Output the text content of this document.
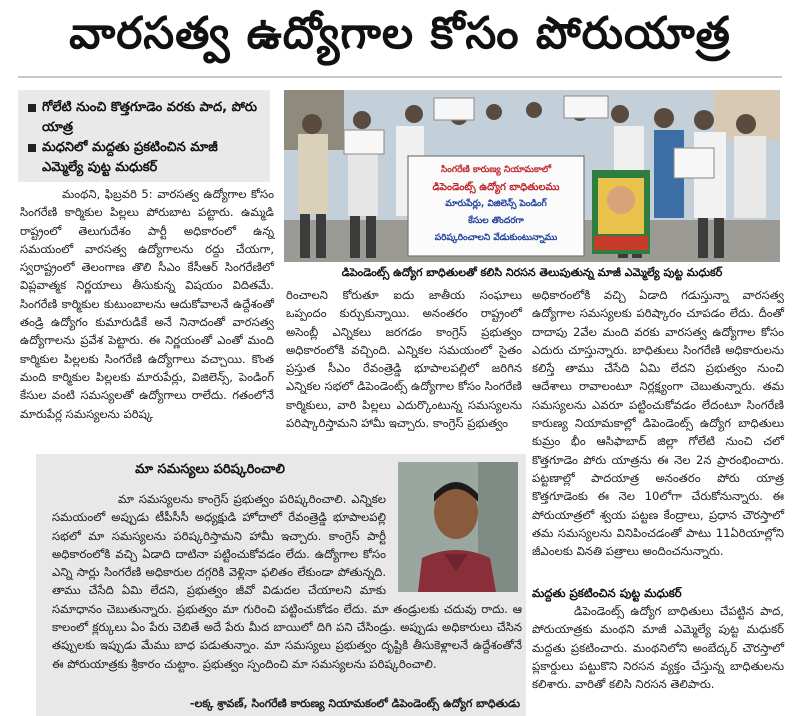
వారసత్వ ఉద్యోగాల కోసం పోరుయాత్ర
గోలేటి నుంచి కొత్తగూడెం వరకు పాద, పోరు యాత్ర
మధనిలో మద్దతు ప్రకటించిన మాజీ ఎమ్మెల్యే పుట్ట మధుకర్	సింగరేణి కారుణ్య నియామకాలో
డిపెండెంట్స్ ఉద్యోగ బాధితులము
మారుపేర్లు, విజిలెన్స్ పెండింగ్
కేసుల తొందరగా
పరిష్కరించాలని వేడుకుంటున్నాము
డిపెండెంట్స్ ఉద్యోగ బాధితులతో కలిసి నిరసన తెలుపుతున్న మాజీ ఎమ్మెల్యే పుట్ట మధుకర్

మంథని, ఫిబ్రవరి 5: వారసత్వ ఉద్యోగాల కోసం సింగరేణి కార్మికుల పిల్లలు పోరుబాట పట్టారు. ఉమ్మడి రాష్ట్రంలో తెలుగుదేశం పార్టీ అధికారంలో ఉన్న సమయంలో వారసత్వ ఉద్యోగాలను రద్దు చేయగా, స్వరాష్ట్రంలో తెలంగాణ తొలి సీఎం కేసీఆర్ సింగరేణిలో విప్లవాత్మక నిర్ణయాలు తీసుకున్న విషయం విదితమే. సింగరేణి కార్మికుల కుటుంబాలను ఆదుకోవాలనే ఉద్దేశంతో తండ్రి ఉద్యోగం కుమారుడికే అనే నినాదంతో వారసత్వ ఉద్యోగాలను ప్రవేశ పెట్టారు. ఈ నిర్ణయంతో ఎంతో మంది కార్మికుల పిల్లలకు సింగరేణి ఉద్యోగాలు వచ్చాయి. కొంత మంది కార్మికుల పిల్లలకు మారుపేర్లు, విజిలెన్స్, పెండింగ్ కేసుల వంటి సమస్యలతో ఉద్యోగాలు రాలేదు. గతంలోనే మారుపేర్ల సమస్యలను పరిష్క

రించాలని కోరుతూ ఐదు జాతీయ సంఘాలు ఒప్పందం కుర్చుకున్నాయి. అనంతరం రాష్ట్రంలో అసెంబ్లీ ఎన్నికలు జరగడం కాంగ్రెస్ ప్రభుత్వం అధికారంలోకి వచ్చింది. ఎన్నికల సమయంలో సైతం ప్రస్తుత సీఎం రేవంత్రెడ్డి భూపాలపల్లిలో జరిగిన ఎన్నికల సభలో డిపెండెంట్స్ ఉద్యోగాల కోసం సింగరేణి కార్మికులు, వారి పిల్లలు ఎదుర్కొంటున్న సమస్యలను పరిష్కారిస్తామని హామీ ఇచ్చారు. కాంగ్రెస్ ప్రభుత్వం

అధికారంలోకి వచ్చి ఏడాది గడుస్తున్నా వారసత్వ ఉద్యోగాల సమస్యలకు పరిష్కారం చూపడం లేదు. దీంతో దాదాపు 2వేల మంది వరకు వారసత్వ ఉద్యోగాల కోసం ఎదురు చూస్తున్నారు. బాధితులు సింగరేణి అధికారులను కలిస్తే తాము చేసేది ఏమి లేదని ప్రభుత్వం నుంచి ఆదేశాలు రావాలంటూ నిర్లక్ష్యంగా చెబుతున్నారు. తమ సమస్యలను ఎవరూ పట్టించుకోవడం లేదంటూ సింగరేణి కారుణ్య నియామకాల్లో డిపెండెంట్స్ ఉద్యోగ బాధితులు కుమ్రం భీం ఆసిఫాబాద్ జిల్లా గోలేటి నుంచి చలో కొత్తగూడెం పోరు యాత్రను ఈ నెల 2న ప్రారంభించారు. పట్టణాల్లో పాదయాత్ర అనంతరం పోరు యాత్ర కొత్తగూడెంకు ఈ నెల 10లోగా చేరుకోనున్నారు. ఈ పోరుయాత్రలో శ్వయ పట్టణ కేంద్రాలు, ప్రధాన చౌరస్తాలో తమ సమస్యలను వినిపించడంతో పాటు 11ఏరియాల్లోని జీఎంలకు వినతి పత్రాలు అందించనున్నారు.

మా సమస్యలు పరిష్కరించాలి
మా సమస్యలను కాంగ్రెస్ ప్రభుత్వం పరిష్కరించాలి. ఎన్నికల సమయంలో అప్పుడు టీపీసీసీ అధ్యక్షుడి హోదాలో రేవంత్రెడ్డి భూపాలపల్లి సభలో మా సమస్యలను పరిష్కరిస్తామని హామీ ఇచ్చారు. కాంగ్రెస్ పార్టీ అధికారంలోకి వచ్చి ఏడాది దాటినా పట్టించుకోవడం లేదు. ఉద్యోగాల కోసం ఎన్ని సార్లు సింగరేణి అధికారుల దగ్గరికి వెళ్లినా ఫలితం లేకుండా పోతున్నది. తాము చేసేది ఏమి లేదని, ప్రభుత్వం జీవో విడుదల చేయాలని మాకు సమాధానం చెబుతున్నారు. ప్రభుత్వం మా గురించి పట్టించుకోడం లేదు. మా తండ్రులకు చదువు రాదు. ఆ కాలంలో క్లర్కులు ఏం పేరు చెబితే అదే పేరు మీద బాయిలో దిగి పని చేసిండ్రు. అప్పుడు అధికారులు చేసిన తప్పులకు ఇప్పుడు మేము బాధ పడుతున్నాం. మా సమస్యలు ప్రభుత్వం దృష్టికి తీసుకెళ్లాలనే ఉద్దేశంతోనే ఈ పోరుయాత్రకు శ్రీకారం చుట్టాం. ప్రభుత్వం స్పందించి మా సమస్యలను పరిష్కరించాలి.
-లక్క శ్రావణ్, సింగరేణి కారుణ్య నియామకంలో డిపెండెంట్స్ ఉద్యోగ బాధితుడు
మద్దతు ప్రకటించిన పుట్ట మధుకర్

డిపెండెంట్స్ ఉద్యోగ బాధితులు చేపట్టిన పాద, పోరుయాత్రకు మంథని మాజీ ఎమ్మెల్యే పుట్ట మధుకర్ మద్దతు ప్రకటించారు. మంథనిలోని అంబేద్కర్ చౌరస్తాలో ప్లకార్డులు పట్టుకొని నిరసన వ్యక్తం చేస్తున్న బాధితులను కలిశారు. వారితో కలిసి నిరసన తెలిపారు.
